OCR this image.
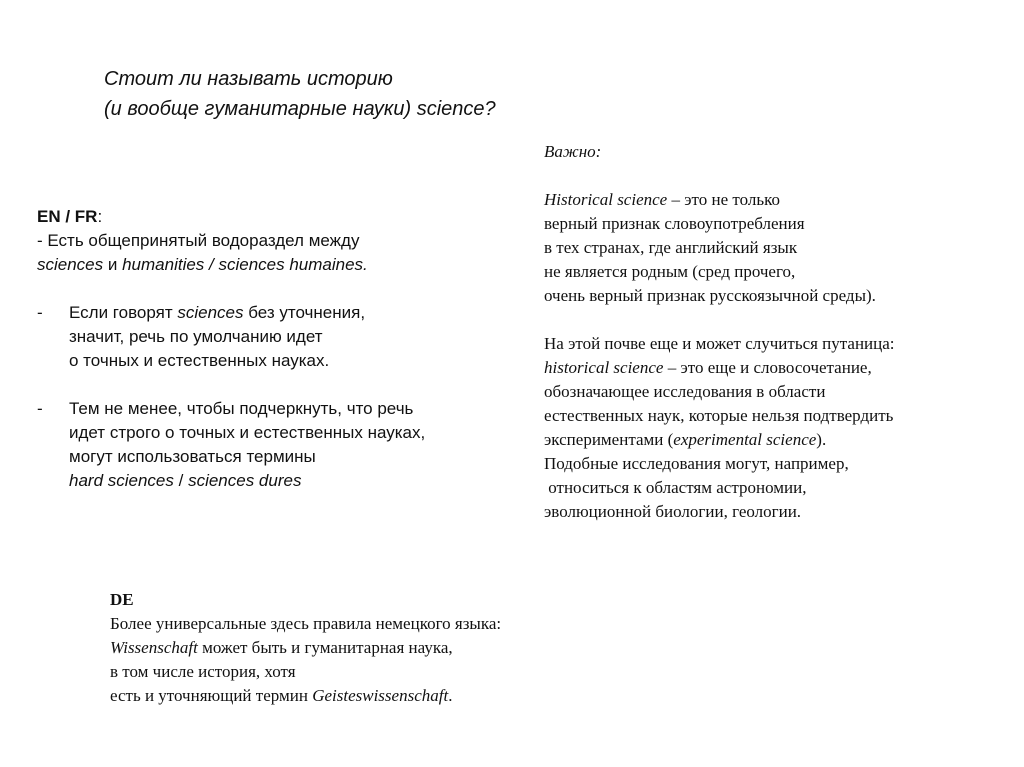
Стоит ли называть историю
(и вообще гуманитарные науки) science?
EN / FR:
- Есть общепринятый водораздел между
sciences и humanities / sciences humaines.
-	Если говорят sciences без уточнения,
значит, речь по умолчанию идет
о точных и естественных науках.
-	Тем не менее, чтобы подчеркнуть, что речь
идет строго о точных и естественных науках,
могут использоваться термины
hard sciences / sciences dures
Важно:
Historical science – это не только
верный признак словоупотребления
в тех странах, где английский язык
не является родным (сред прочего,
очень верный признак русскоязычной среды).
На этой почве еще и может случиться путаница:
historical science – это еще и словосочетание,
обозначающее исследования в области
естественных наук, которые нельзя подтвердить
экспериментами (experimental science).
Подобные исследования могут, например,
относиться к областям астрономии,
эволюционной биологии, геологии.
DE
Более универсальные здесь правила немецкого языка:
Wissenschaft может быть и гуманитарная наука,
в том числе история, хотя
есть и уточняющий термин Geisteswissenschaft.
